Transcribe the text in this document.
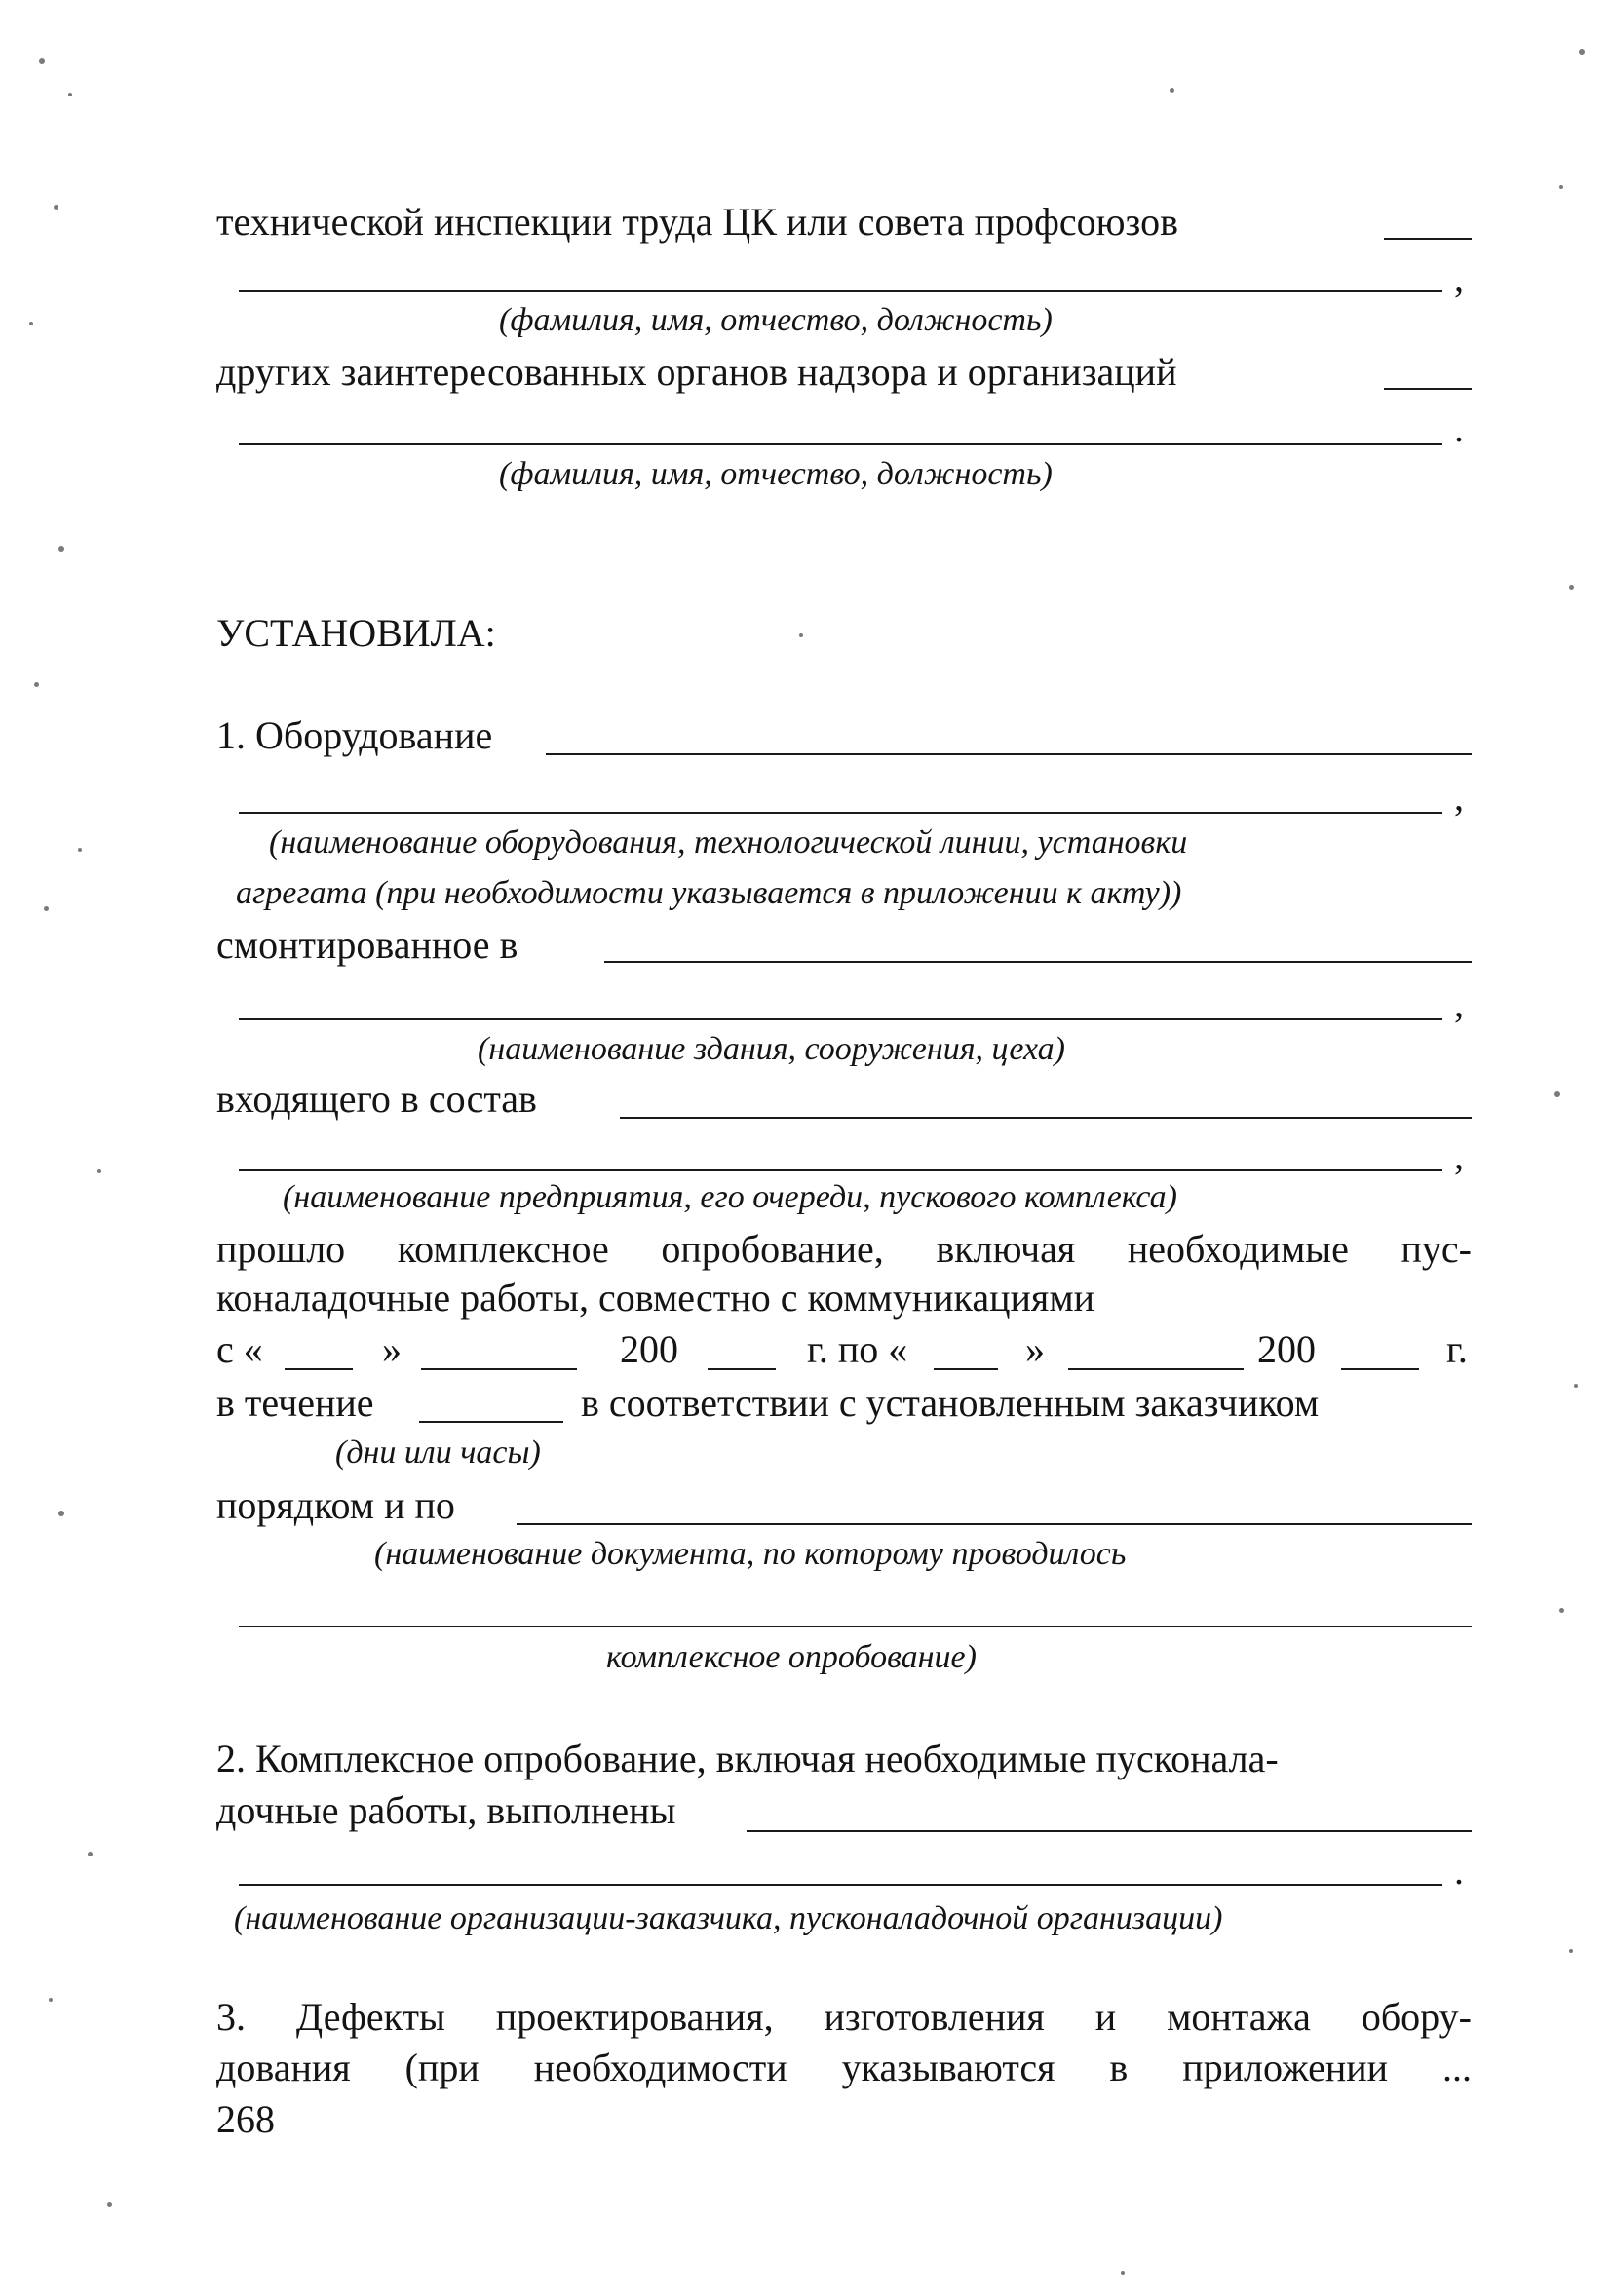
технической инспекции труда ЦК или совета профсоюзов
,
(фамилия, имя, отчество, должность)
других заинтересованных органов надзора и организаций
.
(фамилия, имя, отчество, должность)
УСТАНОВИЛА:
1. Оборудование
,
(наименование оборудования, технологической линии, установки
агрегата (при необходимости указывается в приложении к акту))
смонтированное в
,
(наименование здания, сооружения, цеха)
входящего в состав
,
(наименование предприятия, его очереди, пускового комплекса)
прошло комплексное опробование, включая необходимые пус-
коналадочные работы, совместно с коммуникациями
с «	»	200	г. по «	»	200	г.
в течение	в соответствии с установленным заказчиком
(дни или часы)
порядком и по
(наименование документа, по которому проводилось
комплексное опробование)
2. Комплексное опробование, включая необходимые пусконала-
дочные работы, выполнены
.
(наименование организации-заказчика, пусконаладочной организации)
3. Дефекты проектирования, изготовления и монтажа обору-
дования (при необходимости указываются в приложении ...
268
